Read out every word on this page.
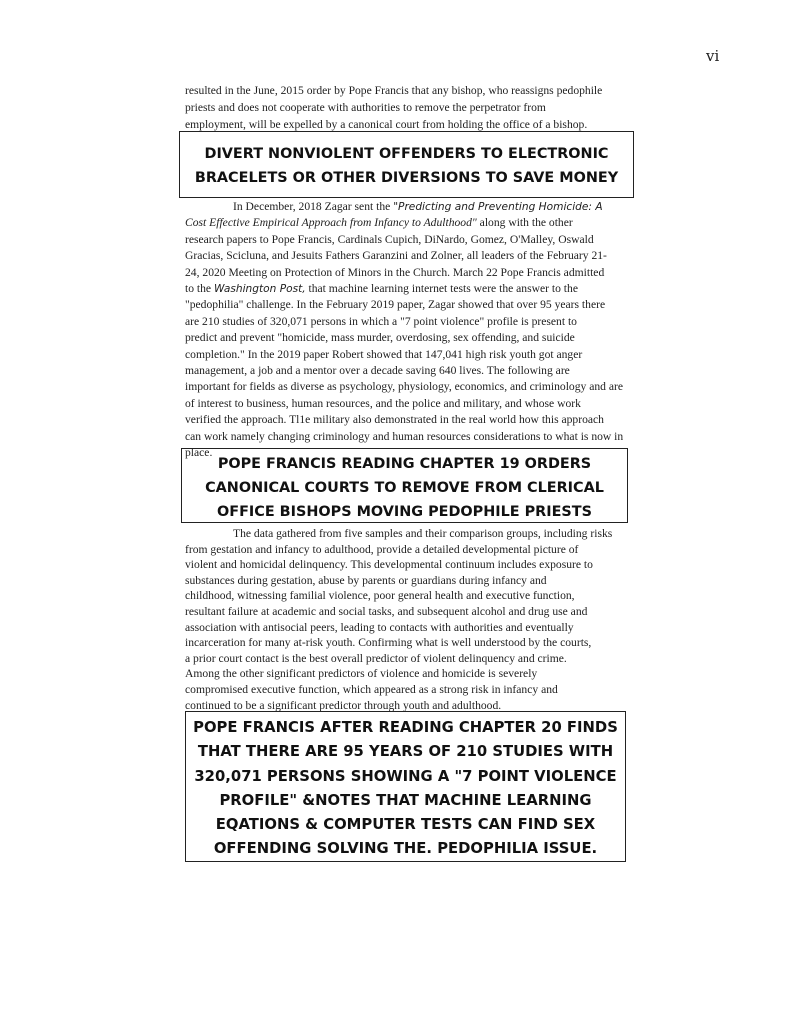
vi
resulted in the June, 2015 order by Pope Francis that any bishop, who reassigns pedophile
priests and does not cooperate with authorities to remove the perpetrator from
employment, will be expelled by a canonical court from holding the office of a bishop.
DIVERT NONVIOLENT OFFENDERS TO ELECTRONIC
BRACELETS OR OTHER DIVERSIONS TO SAVE MONEY
In December, 2018 Zagar sent the "Predicting and Preventing Homicide: A
Cost Effective Empirical Approach from Infancy to Adulthood" along with the other
research papers to Pope Francis, Cardinals Cupich, DiNardo, Gomez, O'Malley, Oswald
Gracias, Scicluna, and Jesuits Fathers Garanzini and Zolner, all leaders of the February 21-
24, 2020 Meeting on Protection of Minors in the Church. March 22 Pope Francis admitted
to the Washington Post, that machine learning internet tests were the answer to the
"pedophilia" challenge. In the February 2019 paper, Zagar showed that over 95 years there
are 210 studies of 320,071 persons in which a "7 point violence" profile is present to
predict and prevent "homicide, mass murder, overdosing, sex offending, and suicide
completion." In the 2019 paper Robert showed that 147,041 high risk youth got anger
management, a job and a mentor over a decade saving 640 lives. The following are
important for fields as diverse as psychology, physiology, economics, and criminology and are
of interest to business, human resources, and the police and military, and whose work
verified the approach. Tl1e military also demonstrated in the real world how this approach
can work namely changing criminology and human resources considerations to what is now in
place.
POPE FRANCIS READING CHAPTER 19 ORDERS
CANONICAL COURTS TO REMOVE FROM CLERICAL
OFFICE BISHOPS MOVING PEDOPHILE PRIESTS
The data gathered from five samples and their comparison groups, including risks
from gestation and infancy to adulthood, provide a detailed developmental picture of
violent and homicidal delinquency. This developmental continuum includes exposure to
substances during gestation, abuse by parents or guardians during infancy and
childhood, witnessing familial violence, poor general health and executive function,
resultant failure at academic and social tasks, and subsequent alcohol and drug use and
association with antisocial peers, leading to contacts with authorities and eventually
incarceration for many at-risk youth. Confirming what is well understood by the courts,
a prior court contact is the best overall predictor of violent delinquency and crime.
Among the other significant predictors of violence and homicide is severely
compromised executive function, which appeared as a strong risk in infancy and
continued to be a significant predictor through youth and adulthood.
POPE FRANCIS AFTER READING CHAPTER 20 FINDS
THAT THERE ARE 95 YEARS OF 210 STUDIES WITH
320,071 PERSONS SHOWING A "7 POINT VIOLENCE
PROFILE" &NOTES THAT MACHINE LEARNING
EQATIONS & COMPUTER TESTS CAN FIND SEX
OFFENDING SOLVING THE. PEDOPHILIA ISSUE.
